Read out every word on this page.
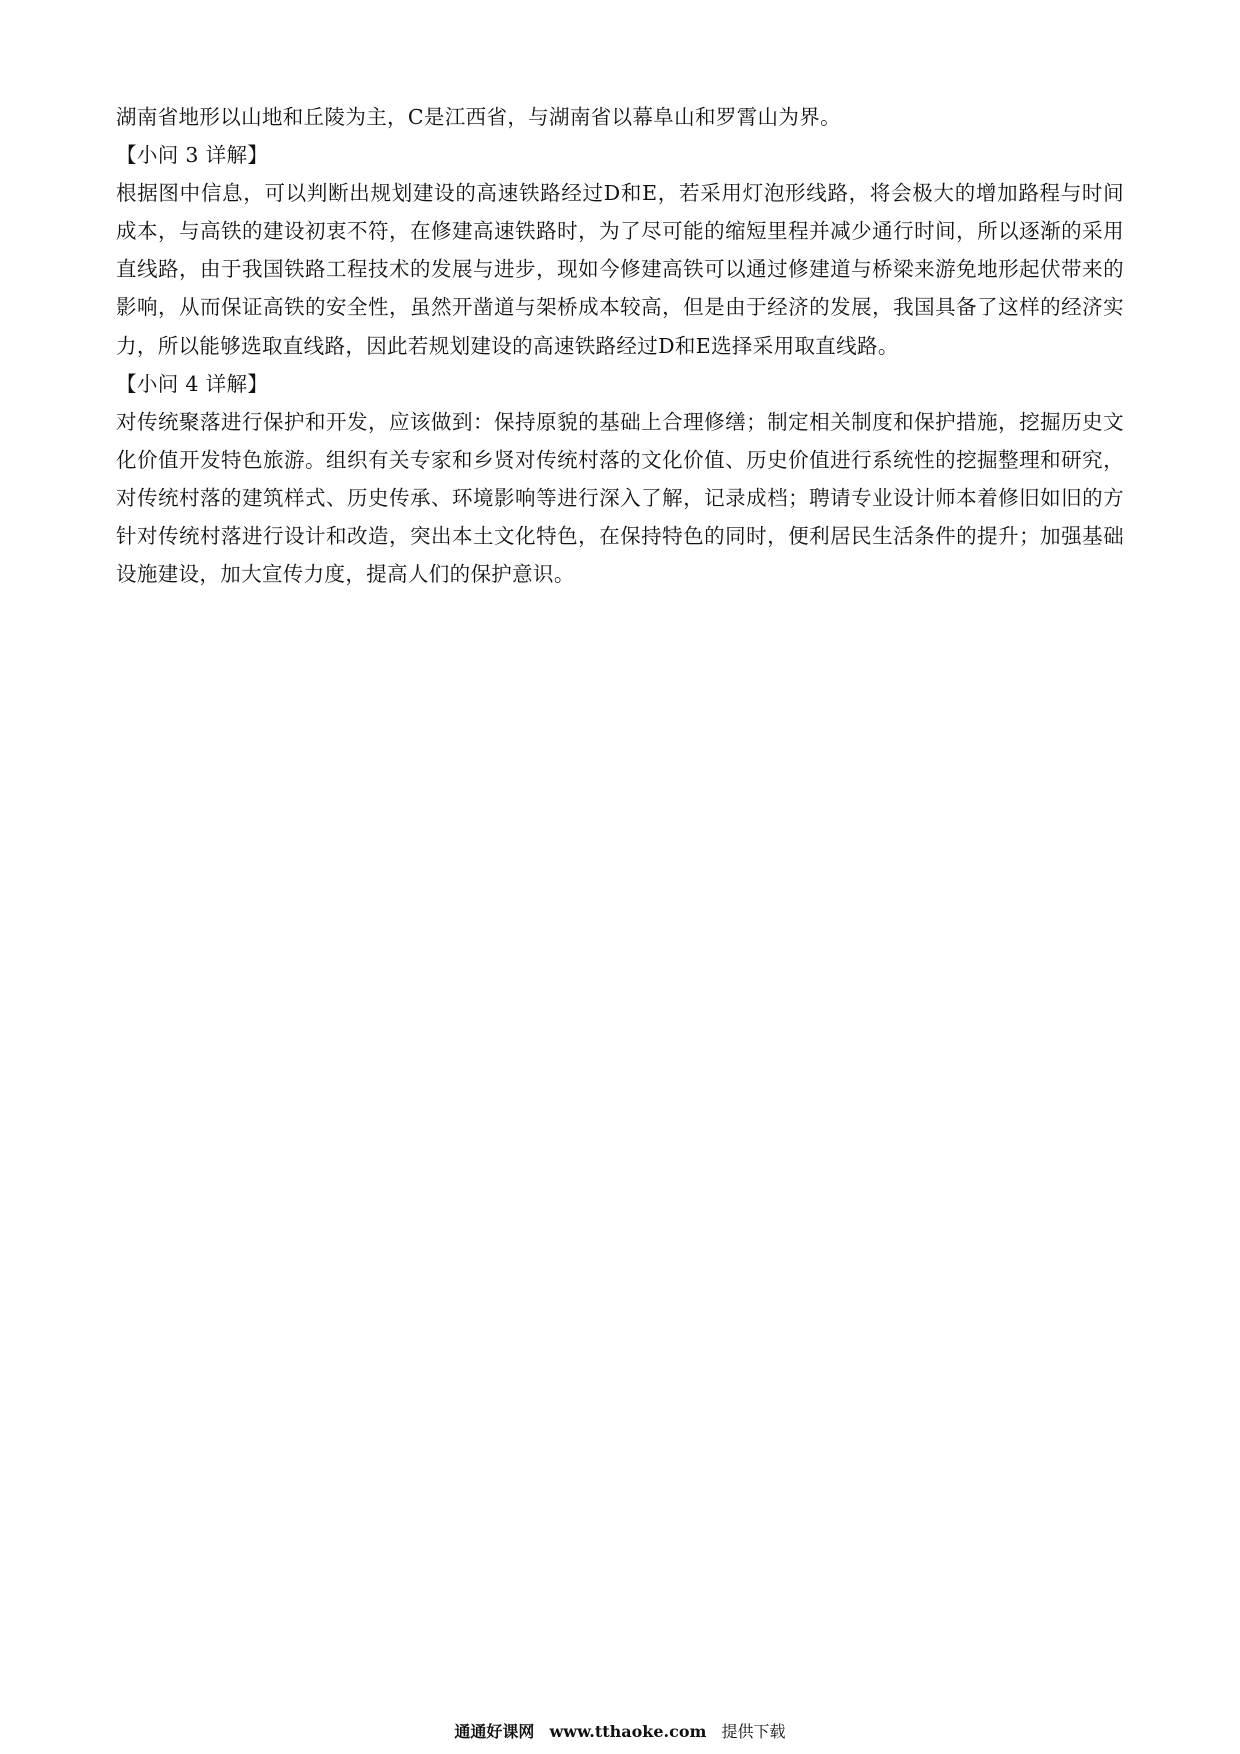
湖南省地形以山地和丘陵为主，C是江西省，与湖南省以幕阜山和罗霄山为界。

【小问 3 详解】

根据图中信息，可以判断出规划建设的高速铁路经过D和E，若采用灯泡形线路，将会极大的增加路程与时间成本，与高铁的建设初衷不符，在修建高速铁路时，为了尽可能的缩短里程并减少通行时间，所以逐渐的采用直线路，由于我国铁路工程技术的发展与进步，现如今修建高铁可以通过修建道与桥梁来游免地形起伏带来的影响，从而保证高铁的安全性，虽然开凿道与架桥成本较高，但是由于经济的发展，我国具备了这样的经济实力，所以能够选取直线路，因此若规划建设的高速铁路经过D和E选择采用取直线路。

【小问 4 详解】

对传统聚落进行保护和开发，应该做到：保持原貌的基础上合理修缮；制定相关制度和保护措施，挖掘历史文化价值开发特色旅游。组织有关专家和乡贤对传统村落的文化价值、历史价值进行系统性的挖掘整理和研究，对传统村落的建筑样式、历史传承、环境影响等进行深入了解，记录成档；聘请专业设计师本着修旧如旧的方针对传统村落进行设计和改造，突出本土文化特色，在保持特色的同时，便利居民生活条件的提升；加强基础设施建设，加大宣传力度，提高人们的保护意识。

通通好课网 www.tthaoke.com 提供下载
